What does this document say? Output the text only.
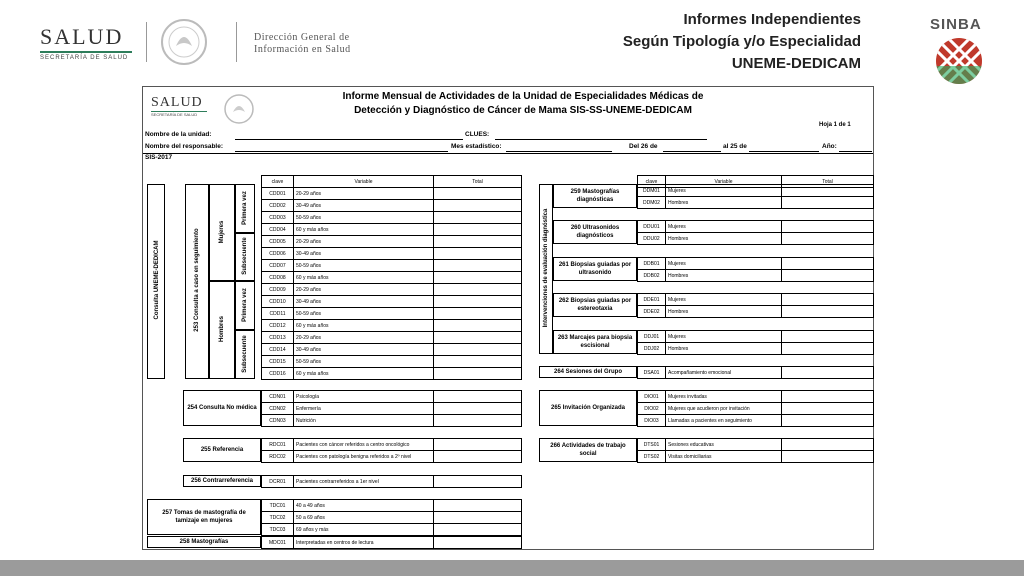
SALUD
SECRETARÍA DE SALUD
Dirección General de
Información en Salud
Informes Independientes
Según Tipología y/o Especialidad
UNEME-DEDICAM
SINBA
SALUD
SECRETARÍA DE SALUD
Informe Mensual de Actividades de la Unidad de Especialidades Médicas de
Detección y Diagnóstico de Cáncer de Mama SIS-SS-UNEME-DEDICAM
Hoja 1 de 1
Nombre de la unidad:	CLUES:
Nombre del responsable:	Mes estadístico:	Del 26 de	al 25 de	Año:
SIS-2017
Consulta UNEME-DEDICAM	253 Consulta a caso en seguimiento	Mujeres
Hombres
Primera vez
Subsecuente
Primera vez
Subsecuente
clave	Variable	Total
CDD01	20-29 años	
CDD02	30-49 años	
CDD03	50-59 años	
CDD04	60 y más años	
CDD05	20-29 años	
CDD06	30-49 años	
CDD07	50-59 años	
CDD08	60 y más años	
CDD09	20-29 años	
CDD10	30-49 años	
CDD11	50-59 años	
CDD12	60 y más años	
CDD13	20-29 años	
CDD14	30-49 años	
CDD15	50-59 años	
CDD16	60 y más años	
254 Consulta No médica
CDN01	Psicología	
CDN02	Enfermería	
CDN03	Nutrición	
255 Referencia
RDC01	Pacientes con cáncer referidos a centro oncológico	
RDC02	Pacientes con patología benigna referidos a 2º nivel	
256 Contrarreferencia	DCR01	Pacientes contrarreferidos a 1er nivel	
257 Tomas de mastografía de tamizaje en mujeres
TDC01	40 a 49 años	
TDC02	50 a 69 años	
TDC03	69 años y más	
258 Mastografías	MDC01	Interpretadas en centros de lectura	
Intervenciones de evaluación diagnóstica
clave	Variable	Total
259 Mastografías diagnósticas
DDM01	Mujeres	
DDM02	Hombres	
260 Ultrasonidos diagnósticos
DDU01	Mujeres	
DDU02	Hombres	
261 Biopsias guiadas por ultrasonido
DDB01	Mujeres	
DDB02	Hombres	
262 Biopsias guiadas por estereotaxia
DDE01	Mujeres	
DDE02	Hombres	
263 Marcajes para biopsia escisional
DDJ01	Mujeres	
DDJ02	Hombres	
264 Sesiones del Grupo	DSA01	Acompañamiento emocional	
265 Invitación Organizada
DIO01	Mujeres invitadas	
DIO02	Mujeres que acudieron por invitación	
DIO03	Llamadas a pacientes en seguimiento	
266 Actividades de trabajo social
DTS01	Sesiones educativas	
DTS02	Visitas domiciliarias	
